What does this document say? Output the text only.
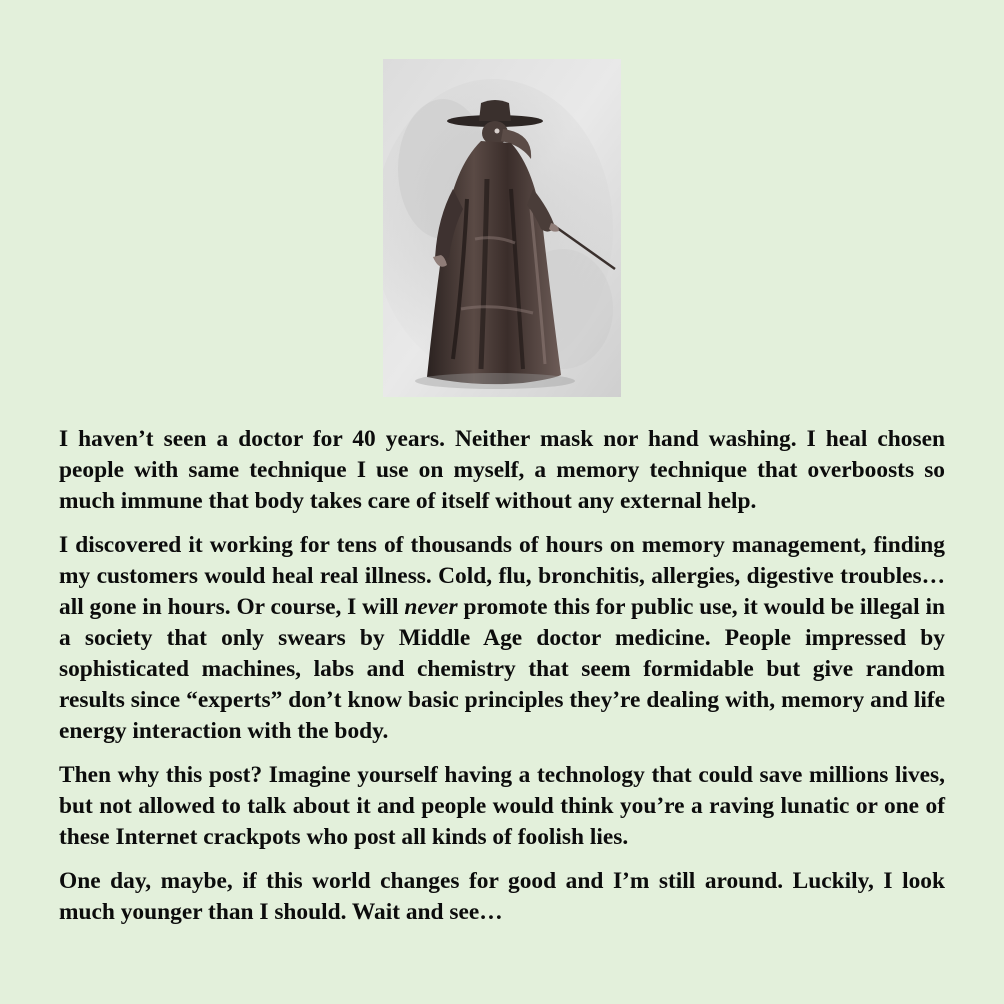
I haven’t seen a doctor for 40 years. Neither mask nor hand washing. I heal chosen people with same technique I use on myself, a memory technique that overboosts so much immune that body takes care of itself without any external help.

I discovered it working for tens of thousands of hours on memory management, finding my customers would heal real illness. Cold, flu, bronchitis, allergies, digestive troubles… all gone in hours. Or course, I will never promote this for public use, it would be illegal in a society that only swears by Middle Age doctor medicine. People impressed by sophisticated machines, labs and chemistry that seem formidable but give random results since “experts” don’t know basic principles they’re dealing with, memory and life energy interaction with the body.

Then why this post? Imagine yourself having a technology that could save millions lives, but not allowed to talk about it and people would think you’re a raving lunatic or one of these Internet crackpots who post all kinds of foolish lies.

One day, maybe, if this world changes for good and I’m still around. Luckily, I look much younger than I should. Wait and see…
